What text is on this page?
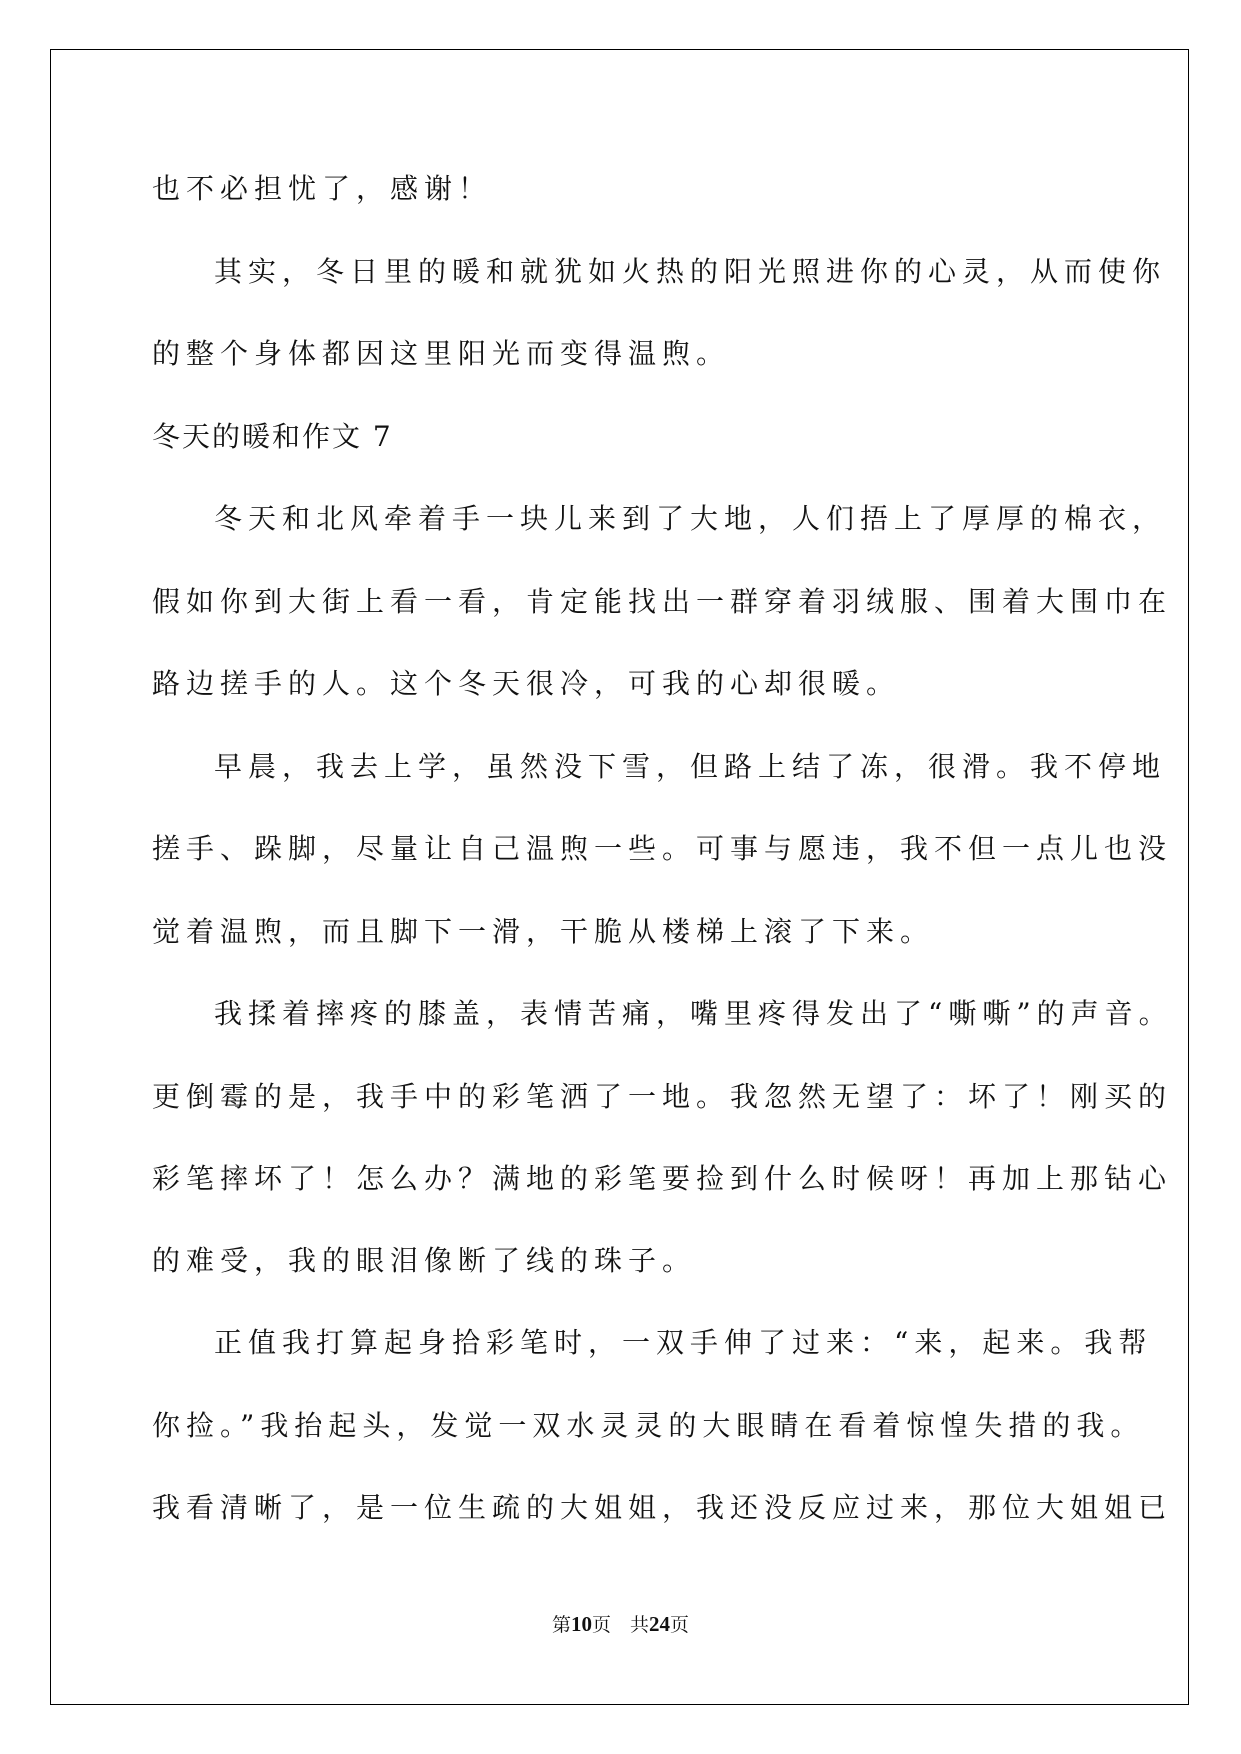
也不必担忧了，感谢！

其实，冬日里的暖和就犹如火热的阳光照进你的心灵，从而使你

的整个身体都因这里阳光而变得温煦。

冬天的暖和作文 7

冬天和北风牵着手一块儿来到了大地，人们捂上了厚厚的棉衣，

假如你到大街上看一看，肯定能找出一群穿着羽绒服、围着大围巾在

路边搓手的人。这个冬天很冷，可我的心却很暖。

早晨，我去上学，虽然没下雪，但路上结了冻，很滑。我不停地

搓手、跺脚，尽量让自己温煦一些。可事与愿违，我不但一点儿也没

觉着温煦，而且脚下一滑，干脆从楼梯上滚了下来。

我揉着摔疼的膝盖，表情苦痛，嘴里疼得发出了“嘶嘶”的声音。

更倒霉的是，我手中的彩笔洒了一地。我忽然无望了：坏了！刚买的

彩笔摔坏了！怎么办？满地的彩笔要捡到什么时候呀！再加上那钻心

的难受，我的眼泪像断了线的珠子。

正值我打算起身拾彩笔时，一双手伸了过来：“来，起来。我帮

你捡。”我抬起头，发觉一双水灵灵的大眼睛在看着惊惶失措的我。

我看清晰了，是一位生疏的大姐姐，我还没反应过来，那位大姐姐已

第10页　共24页
